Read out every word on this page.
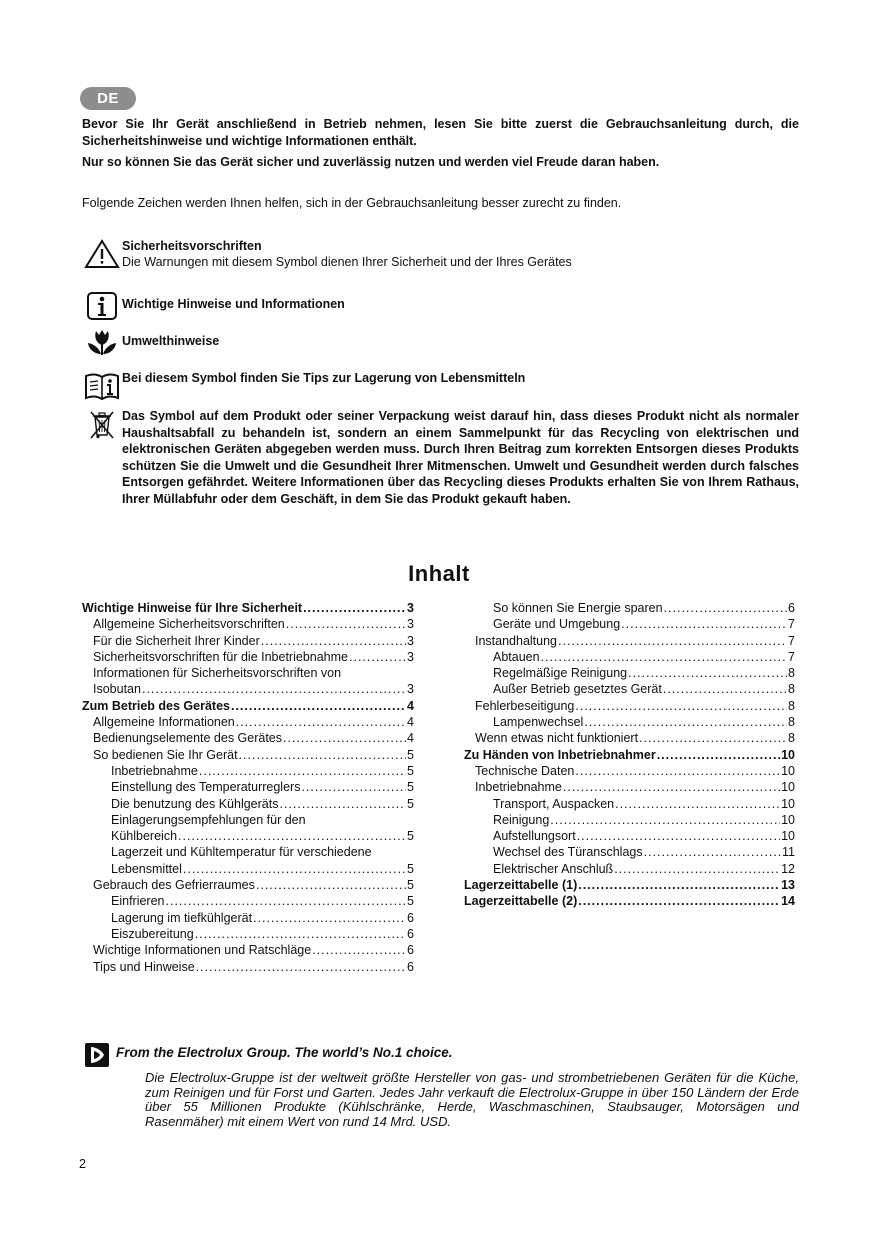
DE

Bevor Sie Ihr Gerät anschließend in Betrieb nehmen, lesen Sie bitte zuerst die Gebrauchsanleitung durch, die Sicherheitshinweise und wichtige Informationen enthält.

Nur so können Sie das Gerät sicher und zuverlässig nutzen und werden viel Freude daran haben.

Folgende Zeichen werden Ihnen helfen, sich in der Gebrauchsanleitung besser zurecht zu finden.
Sicherheitsvorschriften
Die Warnungen mit diesem Symbol dienen Ihrer Sicherheit und der Ihres Gerätes
Wichtige Hinweise und Informationen
Umwelthinweise
Bei diesem Symbol finden Sie Tips zur Lagerung von Lebensmitteln
Das Symbol auf dem Produkt oder seiner Verpackung weist darauf hin, dass dieses Produkt nicht als normaler Haushaltsabfall zu behandeln ist, sondern an einem Sammelpunkt für das Recycling von elektrischen und elektronischen Geräten abgegeben werden muss. Durch Ihren Beitrag zum korrekten Entsorgen dieses Produkts schützen Sie die Umwelt und die Gesundheit Ihrer Mitmenschen. Umwelt und Gesundheit werden durch falsches Entsorgen gefährdet. Weitere Informationen über das Recycling dieses Produkts erhalten Sie von Ihrem Rathaus, Ihrer Müllabfuhr oder dem Geschäft, in dem Sie das Produkt gekauft haben.
Inhalt
Wichtige Hinweise für Ihre Sicherheit .....	3
Allgemeine Sicherheitsvorschriften .....	3
Für die Sicherheit Ihrer Kinder .....	3
Sicherheitsvorschriften für die Inbetriebnahme .....	3
Informationen für Sicherheitsvorschriften von
Isobutan .....	3
Zum Betrieb des Gerätes .....	4
Allgemeine Informationen .....	4
Bedienungselemente des Gerätes .....	4
So bedienen Sie Ihr Gerät .....	5
Inbetriebnahme .....	5
Einstellung des Temperaturreglers .....	5
Die benutzung des Kühlgeräts .....	5
Einlagerungsempfehlungen für den
Kühlbereich .....	5
Lagerzeit und Kühltemperatur für verschiedene
Lebensmittel .....	5
Gebrauch des Gefrierraumes .....	5
Einfrieren .....	5
Lagerung im tiefkühlgerät .....	6
Eiszubereitung .....	6
Wichtige Informationen und Ratschläge .....	6
Tips und Hinweise .....	6
So können Sie Energie sparen .....	6
Geräte und Umgebung .....	7
Instandhaltung .....	7
Abtauen .....	7
Regelmäßige Reinigung .....	8
Außer Betrieb gesetztes Gerät .....	8
Fehlerbeseitigung .....	8
Lampenwechsel .....	8
Wenn etwas nicht funktioniert .....	8
Zu Händen von Inbetriebnahmer .....	10
Technische Daten .....	10
Inbetriebnahme .....	10
Transport, Auspacken .....	10
Reinigung .....	10
Aufstellungsort .....	10
Wechsel des Türanschlags .....	11
Elektrischer Anschluß .....	12
Lagerzeittabelle (1) .....	13
Lagerzeittabelle (2) .....	14
From the Electrolux Group. The world’s No.1 choice.
Die Electrolux-Gruppe ist der weltweit größte Hersteller von gas- und strombetriebenen Geräten für die Küche, zum Reinigen und für Forst und Garten. Jedes Jahr verkauft die Electrolux-Gruppe in über 150 Ländern der Erde über 55 Millionen Produkte (Kühlschränke, Herde, Waschmaschinen, Staubsauger, Motorsägen und Rasenmäher) mit einem Wert von rund 14 Mrd. USD.
2
